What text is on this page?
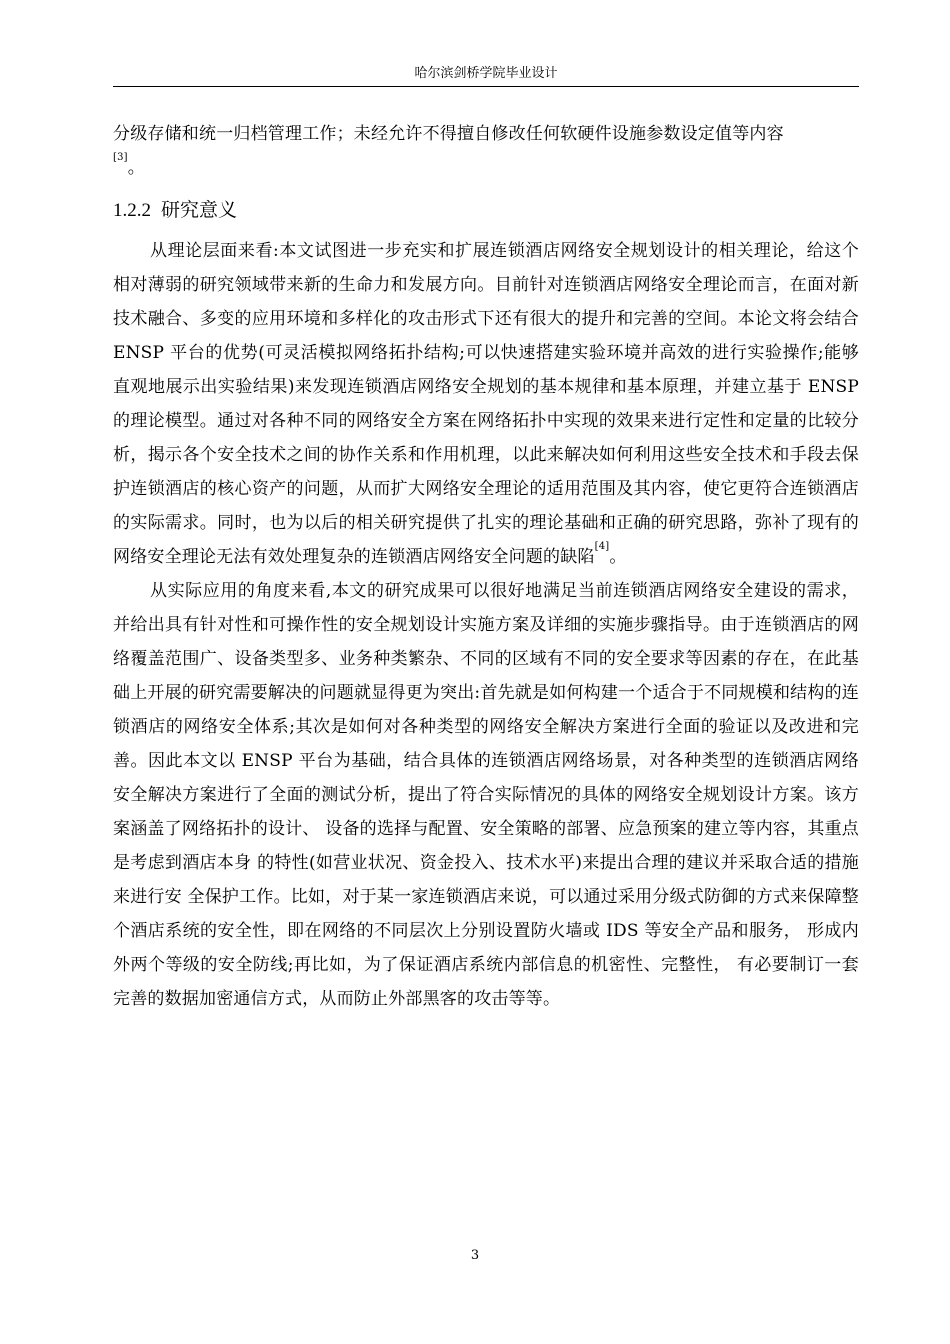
哈尔滨剑桥学院毕业设计

分级存储和统一归档管理工作；未经允许不得擅自修改任何软硬件设施参数设定值等内容
[3]。

1.2.2 研究意义

从理论层面来看:本文试图进一步充实和扩展连锁酒店网络安全规划设计的相关理论，给这个相对薄弱的研究领域带来新的生命力和发展方向。目前针对连锁酒店网络安全理论而言，在面对新技术融合、多变的应用环境和多样化的攻击形式下还有很大的提升和完善的空间。本论文将会结合 ENSP 平台的优势(可灵活模拟网络拓扑结构;可以快速搭建实验环境并高效的进行实验操作;能够直观地展示出实验结果)来发现连锁酒店网络安全规划的基本规律和基本原理，并建立基于 ENSP 的理论模型。通过对各种不同的网络安全方案在网络拓扑中实现的效果来进行定性和定量的比较分析，揭示各个安全技术之间的协作关系和作用机理，以此来解决如何利用这些安全技术和手段去保护连锁酒店的核心资产的问题，从而扩大网络安全理论的适用范围及其内容，使它更符合连锁酒店的实际需求。同时，也为以后的相关研究提供了扎实的理论基础和正确的研究思路，弥补了现有的网络安全理论无法有效处理复杂的连锁酒店网络安全问题的缺陷[4]。

从实际应用的角度来看,本文的研究成果可以很好地满足当前连锁酒店网络安全建设的需求，并给出具有针对性和可操作性的安全规划设计实施方案及详细的实施步骤指导。由于连锁酒店的网络覆盖范围广、设备类型多、业务种类繁杂、不同的区域有不同的安全要求等因素的存在，在此基础上开展的研究需要解决的问题就显得更为突出:首先就是如何构建一个适合于不同规模和结构的连锁酒店的网络安全体系;其次是如何对各种类型的网络安全解决方案进行全面的验证以及改进和完善。因此本文以 ENSP 平台为基础，结合具体的连锁酒店网络场景，对各种类型的连锁酒店网络安全解决方案进行了全面的测试分析，提出了符合实际情况的具体的网络安全规划设计方案。该方案涵盖了网络拓扑的设计、 设备的选择与配置、安全策略的部署、应急预案的建立等内容，其重点是考虑到酒店本身 的特性(如营业状况、资金投入、技术水平)来提出合理的建议并采取合适的措施来进行安 全保护工作。比如，对于某一家连锁酒店来说，可以通过采用分级式防御的方式来保障整 个酒店系统的安全性，即在网络的不同层次上分别设置防火墙或 IDS 等安全产品和服务， 形成内外两个等级的安全防线;再比如，为了保证酒店系统内部信息的机密性、完整性， 有必要制订一套完善的数据加密通信方式，从而防止外部黑客的攻击等等。

3
